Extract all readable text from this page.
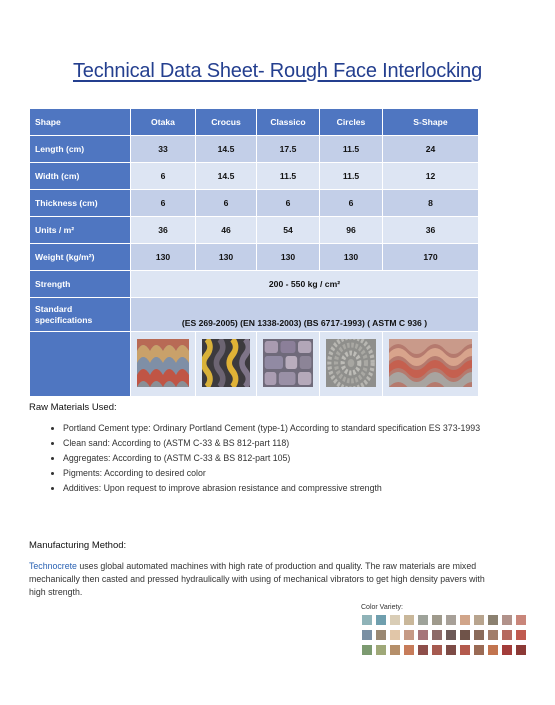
Technical Data Sheet- Rough Face Interlocking
Shape	Otaka	Crocus	Classico	Circles	S-Shape
Length (cm)	33	14.5	17.5	11.5	24
Width (cm)	6	14.5	11.5	11.5	12
Thickness (cm)	6	6	6	6	8
Units / m²	36	46	54	96	36
Weight (kg/m²)	130	130	130	130	170
Strength	200 - 550 kg / cm²				
Standard specifications	(ES 269-2005) (EN 1338-2003) (BS 6717-1993) ( ASTM C 936 )				

Raw Materials Used:
• Portland Cement type: Ordinary Portland Cement (type-1) According to standard specification ES 373-1993
• Clean sand: According to (ASTM C-33 & BS 812-part 118)
• Aggregates: According to (ASTM C-33 & BS 812-part 105)
• Pigments: According to desired color
• Additives: Upon request to improve abrasion resistance and compressive strength
Manufacturing Method:
Technocrete uses global automated machines with high rate of production and quality. The raw materials are mixed mechanically then casted and pressed hydraulically with using of mechanical vibrators to get high density pavers with high strength.
Color Variety:
